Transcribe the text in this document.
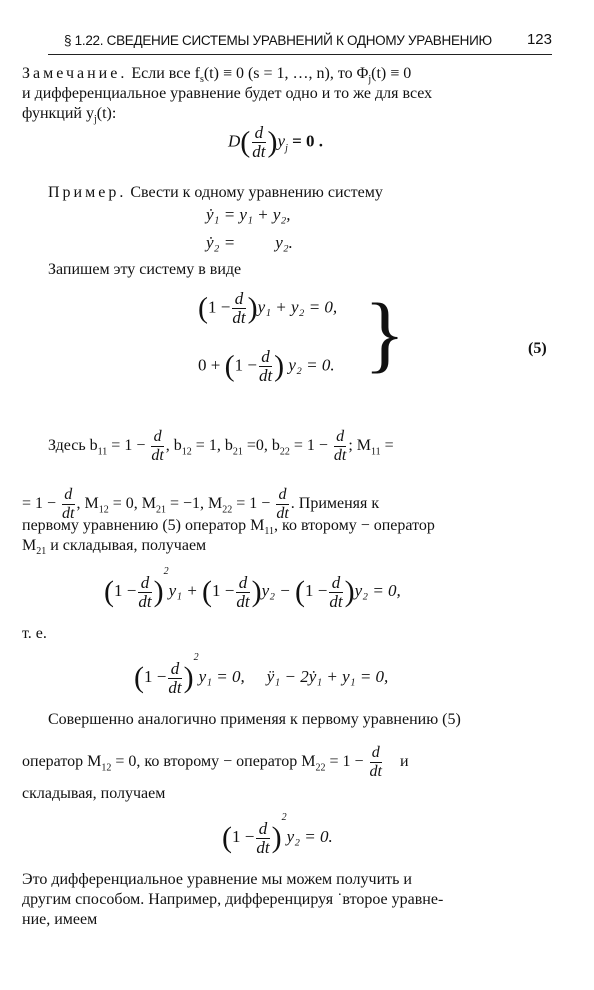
§ 1.22. СВЕДЕНИЕ СИСТЕМЫ УРАВНЕНИЙ К ОДНОМУ УРАВНЕНИЮ 123
Замечание. Если все $f_s(t) \equiv 0$ (s = 1, …, n), то $\Phi_j(t) \equiv 0$
и дифференциальное уравнение будет одно и то же для всех
функций $y_j(t)$:
$D( \frac{d}{dt} )y_j = 0$ .
Пример. Свести к одному уравнению систему
ẏ₁ = y₁ + y₂,
ẏ₂ = y₂.
Запишем эту систему в виде
$(1 - \frac{d}{dt} )y_1 + y_2 = 0$,
$0 + (1 - \frac{d}{dt}$ ) y₂ = 0. }	(5)
Здесь $b_{11} = 1 - \frac{d}{dt}$ , $b_{12} = 1$, $b_{21} =0$, $b_{22} = 1 - \frac{d}{dt}$ ; $M_{11}$ =
= $1 - \frac{d}{dt}$ , $M_{12} = 0$, $M_{21} = -1$, $M_{22} = 1 - \frac{d}{dt}$ . Применяя к
первому уравнению (5) оператор $M_{11}$, ко второму − оператор
$M_{21}$ и складывая, получаем
$(1 - \frac{d}{dt} )^2y_1 + (1 - \frac{d}{dt} )y_2 - (1 - \frac{d}{dt} )y_2 = 0$,
т. е.
$(1 - \frac{d}{dt} )^2y_1 = 0$, ÿ₁ − 2ẏ₁ + y₁ = 0,
Совершенно аналогично применяя к первому уравнению (5)
оператор $M_{12} = 0$, ко второму − оператор $M_{22} = 1 - \frac{d}{dt}$ и
складывая, получаем
$(1 - \frac{d}{dt} )^2y_2 = 0$.
Это дифференциальное уравнение мы можем получить и
другим способом. Например, дифференцируя ˙второе уравне-
ние, имеем
